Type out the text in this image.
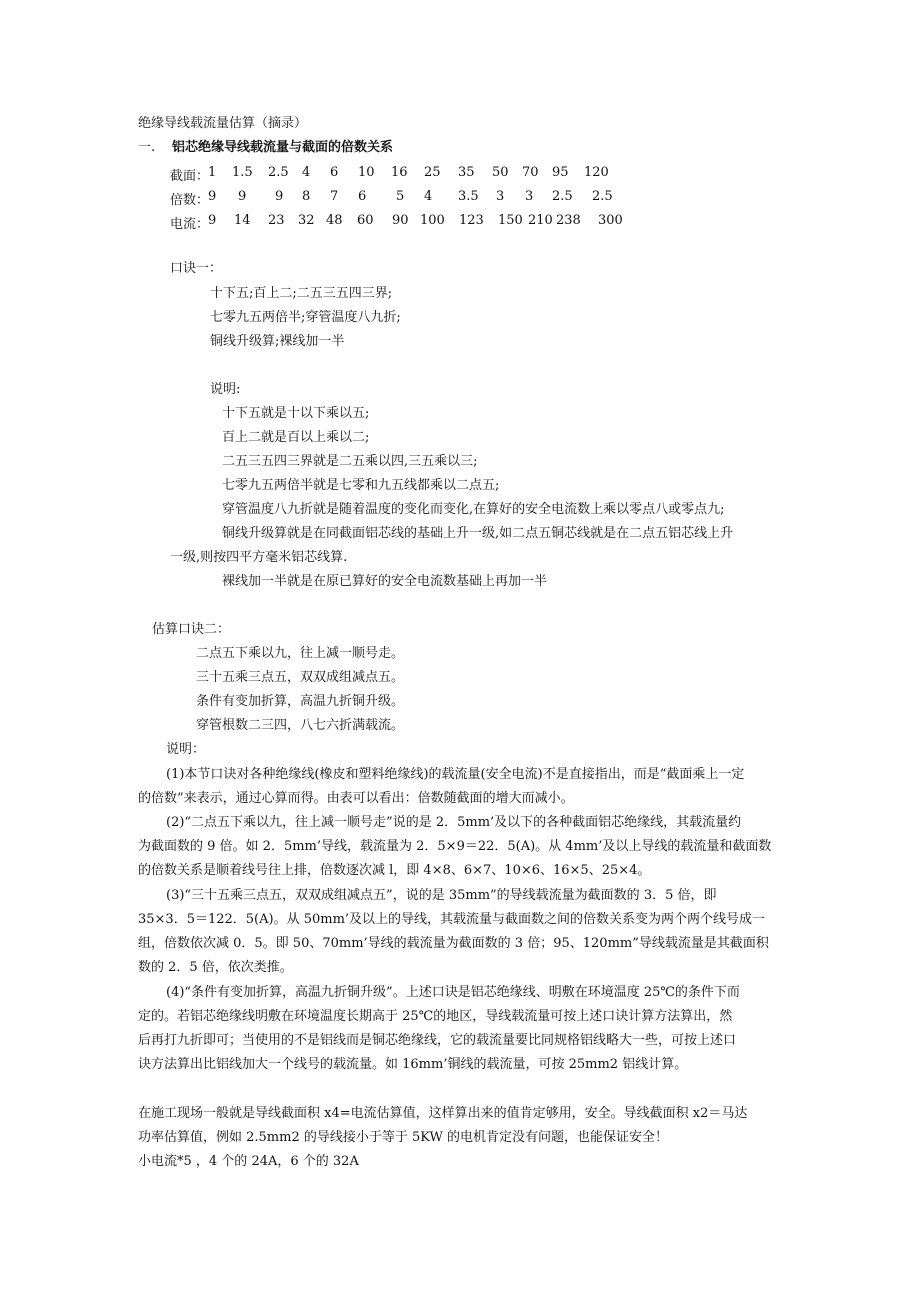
绝缘导线载流量估算（摘录）
一. 铝芯绝缘导线载流量与截面的倍数关系
截面：
1 1.5 2.5 4 6 10 16 25 35 50 70 95 120
倍数：
9 9 9 8 7 6 5 4 3.5 3 3 2.5 2.5
电流：
9 14 23 32 48 60 90 100 123 150 210 238 300
口诀一：
十下五;百上二;二五三五四三界;
七零九五两倍半;穿管温度八九折;
铜线升级算;裸线加一半
说明:
十下五就是十以下乘以五;
百上二就是百以上乘以二;
二五三五四三界就是二五乘以四,三五乘以三;
七零九五两倍半就是七零和九五线都乘以二点五;
穿管温度八九折就是随着温度的变化而变化,在算好的安全电流数上乘以零点八或零点九;
铜线升级算就是在同截面铝芯线的基础上升一级,如二点五铜芯线就是在二点五铝芯线上升
一级,则按四平方毫米铝芯线算.
裸线加一半就是在原已算好的安全电流数基础上再加一半
估算口诀二：
二点五下乘以九，往上减一顺号走。
三十五乘三点五，双双成组减点五。
条件有变加折算，高温九折铜升级。
穿管根数二三四，八七六折满载流。
说明：
(1)本节口诀对各种绝缘线(橡皮和塑料绝缘线)的载流量(安全电流)不是直接指出，而是“截面乘上一定
的倍数”来表示，通过心算而得。由表可以看出：倍数随截面的增大而减小。
(2)“二点五下乘以九，往上减一顺号走”说的是 2．5mm’及以下的各种截面铝芯绝缘线，其载流量约
为截面数的 9 倍。如 2．5mm’导线，载流量为 2．5×9＝22．5(A)。从 4mm’及以上导线的载流量和截面数
的倍数关系是顺着线号往上排，倍数逐次减 l，即 4×8、6×7、10×6、16×5、25×4。
(3)“三十五乘三点五，双双成组减点五”，说的是 35mm”的导线载流量为截面数的 3．5 倍，即
35×3．5＝122．5(A)。从 50mm’及以上的导线，其载流量与截面数之间的倍数关系变为两个两个线号成一
组，倍数依次减 0．5。即 50、70mm’导线的载流量为截面数的 3 倍；95、120mm”导线载流量是其截面积
数的 2．5 倍，依次类推。
(4)“条件有变加折算，高温九折铜升级”。上述口诀是铝芯绝缘线、明敷在环境温度 25℃的条件下而
定的。若铝芯绝缘线明敷在环境温度长期高于 25℃的地区，导线载流量可按上述口诀计算方法算出，然
后再打九折即可；当使用的不是铝线而是铜芯绝缘线，它的载流量要比同规格铝线略大一些，可按上述口
诀方法算出比铝线加大一个线号的载流量。如 16mm’铜线的载流量，可按 25mm2 铝线计算。
在施工现场一般就是导线截面积 x4=电流估算值，这样算出来的值肯定够用，安全。导线截面积 x2＝马达
功率估算值，例如 2.5mm2 的导线接小于等于 5KW 的电机肯定没有问题，也能保证安全！
小电流*5 ，4 个的 24A，6 个的 32A
